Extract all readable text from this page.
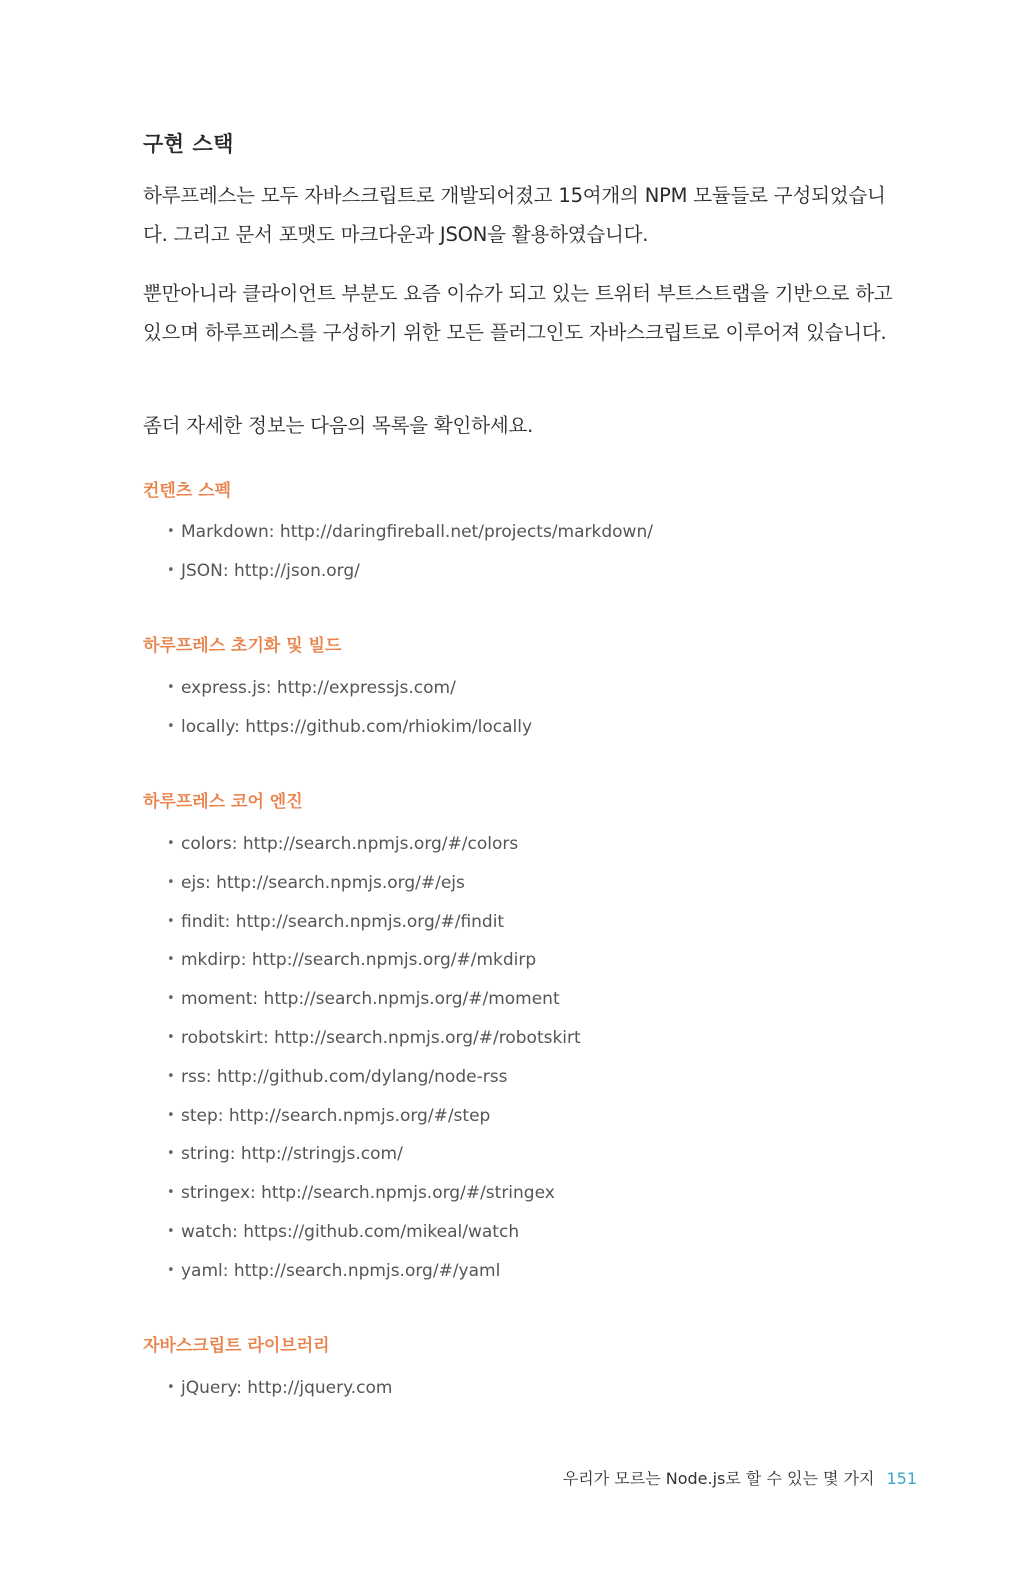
구현 스택

하루프레스는 모두 자바스크립트로 개발되어졌고 15여개의 NPM 모듈들로 구성되었습니다. 그리고 문서 포맷도 마크다운과 JSON을 활용하였습니다.

뿐만아니라 클라이언트 부분도 요즘 이슈가 되고 있는 트위터 부트스트랩을 기반으로 하고 있으며 하루프레스를 구성하기 위한 모든 플러그인도 자바스크립트로 이루어져 있습니다.

좀더 자세한 정보는 다음의 목록을 확인하세요.

컨텐츠 스펙
• Markdown: http://daringfireball.net/projects/markdown/
• JSON: http://json.org/
하루프레스 초기화 및 빌드
• express.js: http://expressjs.com/
• locally: https://github.com/rhiokim/locally
하루프레스 코어 엔진
• colors: http://search.npmjs.org/#/colors
• ejs: http://search.npmjs.org/#/ejs
• findit: http://search.npmjs.org/#/findit
• mkdirp: http://search.npmjs.org/#/mkdirp
• moment: http://search.npmjs.org/#/moment
• robotskirt: http://search.npmjs.org/#/robotskirt
• rss: http://github.com/dylang/node-rss
• step: http://search.npmjs.org/#/step
• string: http://stringjs.com/
• stringex: http://search.npmjs.org/#/stringex
• watch: https://github.com/mikeal/watch
• yaml: http://search.npmjs.org/#/yaml
자바스크립트 라이브러리
• jQuery: http://jquery.com
우리가 모르는 Node.js로 할 수 있는 몇 가지 151
